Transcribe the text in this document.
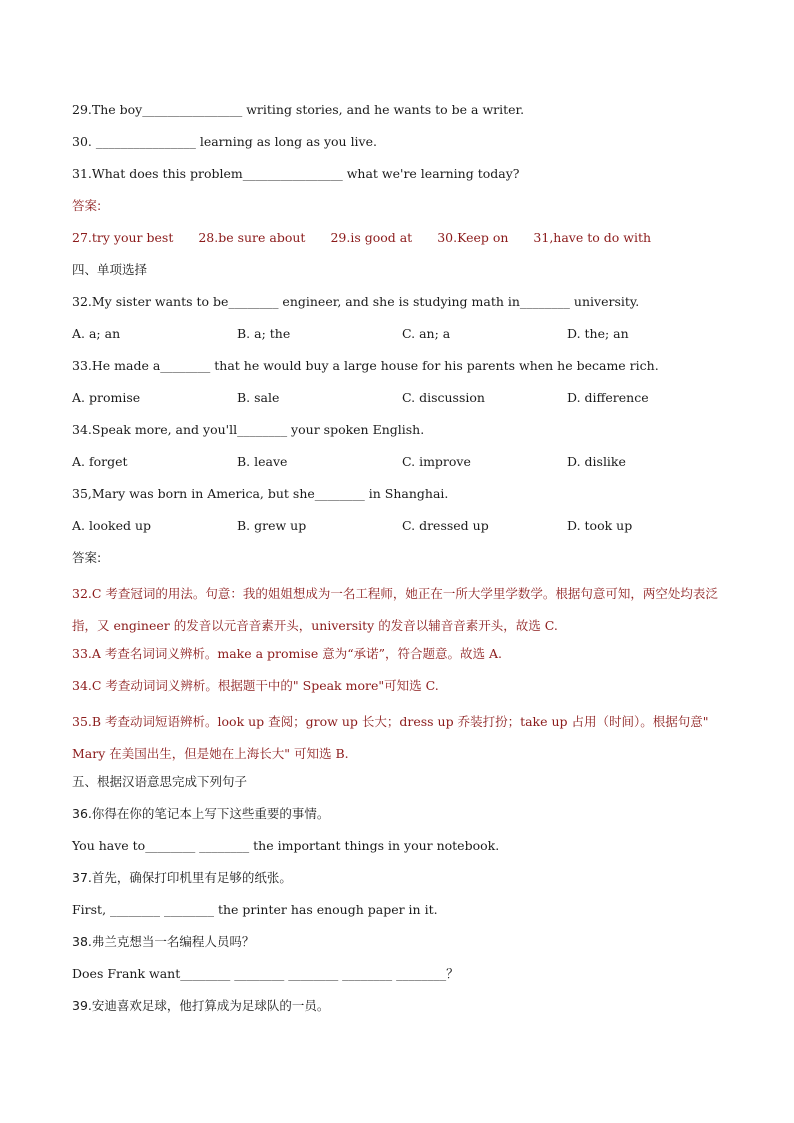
29.The boy________________ writing stories, and he wants to be a writer.
30. ________________ learning as long as you live.
31.What does this problem________________ what we're learning today?
答案:
27.try your best 28.be sure about 29.is good at 30.Keep on 31,have to do with
四、单项选择
32.My sister wants to be________ engineer, and she is studying math in________ university.
A. a; an	B. a; the	C. an; a	D. the; an
33.He made a________ that he would buy a large house for his parents when he became rich.
A. promise	B. sale	C. discussion	D. difference
34.Speak more, and you'll________ your spoken English.
A. forget	B. leave	C. improve	D. dislike
35,Mary was born in America, but she________ in Shanghai.
A. looked up	B. grew up	C. dressed up	D. took up
答案:
32.C 考查冠词的用法。句意：我的姐姐想成为一名工程师，她正在一所大学里学数学。根据句意可知，两空处均表泛指，又 engineer 的发音以元音音素开头，university 的发音以辅音音素开头，故选 C.
33.A 考查名词词义辨析。make a promise 意为“承诺”，符合题意。故选 A.
34.C 考查动词词义辨析。根据题干中的" Speak more"可知选 C.
35.B 考查动词短语辨析。look up 查阅；grow up 长大；dress up 乔装打扮；take up 占用（时间）。根据句意" Mary 在美国出生，但是她在上海长大" 可知选 B.
五、根据汉语意思完成下列句子
36.你得在你的笔记本上写下这些重要的事情。
You have to________ ________ the important things in your notebook.
37.首先，确保打印机里有足够的纸张。
First, ________ ________ the printer has enough paper in it.
38.弗兰克想当一名编程人员吗？
Does Frank want________ ________ ________ ________ ________？
39.安迪喜欢足球，他打算成为足球队的一员。
